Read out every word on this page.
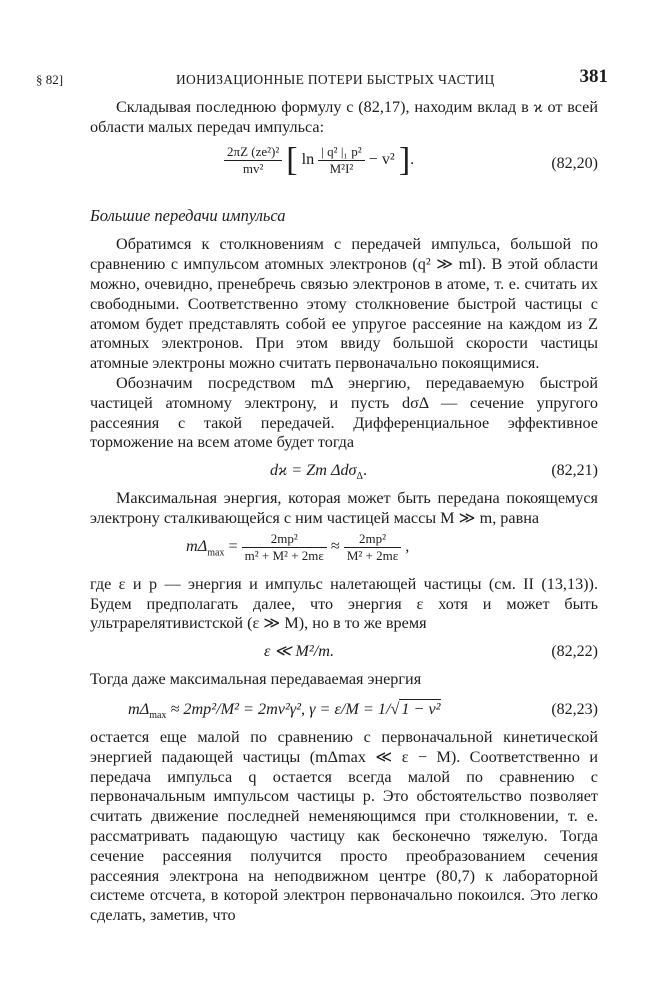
§ 82]	ИОНИЗАЦИОННЫЕ ПОТЕРИ БЫСТРЫХ ЧАСТИЦ	381

Складывая последнюю формулу с (82,17), находим вклад в ϰ от всей области малых передач импульса:

$\frac{\text{2πZ (ze²)²}}{\text{mv²}}$ [ $\ln \frac{\text{| q² |₁ p²}}{\text{M²I²}} - v^2$ ].	(82,20)
Большие передачи импульса

Обратимся к столкновениям с передачей импульса, большой по сравнению с импульсом атомных электронов (q² ≫ mI). В этой области можно, очевидно, пренебречь связью электронов в атоме, т. е. считать их свободными. Соответственно этому столкновение быстрой частицы с атомом будет представлять собой ее упругое рассеяние на каждом из Z атомных электронов. При этом ввиду большой скорости частицы атомные электроны можно считать первоначально покоящимися.

Обозначим посредством mΔ энергию, передаваемую быстрой частицей атомному электрону, и пусть dσΔ — сечение упругого рассеяния с такой передачей. Дифференциальное эффективное торможение на всем атоме будет тогда

dϰ = Zm Δdσ$_\Delta$.	(82,21)

Максимальная энергия, которая может быть передана покоящемуся электрону сталкивающейся с ним частицей массы M ≫ m, равна

$m\Delta_{max} = \frac{\text{2mp²}}{\text{m² + M² + 2mε}} \approx \frac{\text{2mp²}}{\text{M² + 2mε}}$ ,

где ε и p — энергия и импульс налетающей частицы (см. II (13,13)). Будем предполагать далее, что энергия ε хотя и может быть ультрарелятивистской (ε ≫ M), но в то же время

ε ≪ M²/m.	(82,22)

Тогда даже максимальная передаваемая энергия

$m\Delta_{max} \approx 2mp^2/M^2 = 2mv^2\gamma^2$, γ = ε/M = 1/√ 1 − v²	(82,23)

остается еще малой по сравнению с первоначальной кинетической энергией падающей частицы (mΔmax ≪ ε − M). Соответственно и передача импульса q остается всегда малой по сравнению с первоначальным импульсом частицы p. Это обстоятельство позволяет считать движение последней неменяющимся при столкновении, т. е. рассматривать падающую частицу как бесконечно тяжелую. Тогда сечение рассеяния получится просто преобразованием сечения рассеяния электрона на неподвижном центре (80,7) к лабораторной системе отсчета, в которой электрон первоначально покоился. Это легко сделать, заметив, что
